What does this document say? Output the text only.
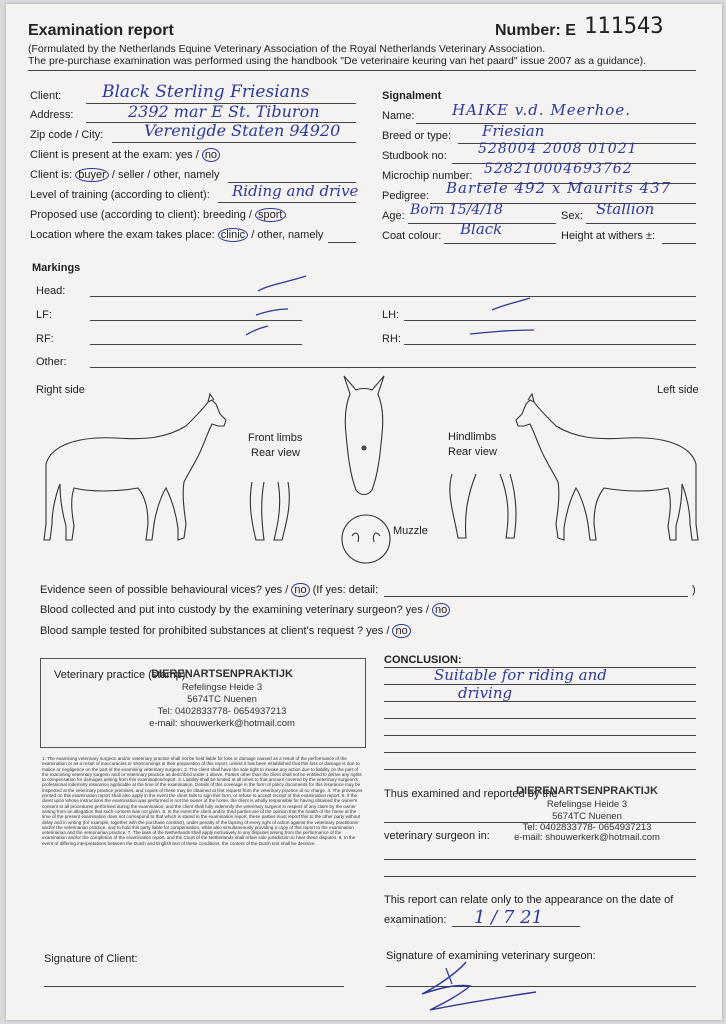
Examination report	Number: E 111543
(Formulated by the Netherlands Equine Veterinary Association of the Royal Netherlands Veterinary Association.
The pre-purchase examination was performed using the handbook "De veterinaire keuring van het paard" issue 2007 as a guidance).
Client: Black Sterling Friesians
Address:	2392 mar E St. Tiburon
Zip code / City:	Verenigde Staten 94920
Client is present at the exam: yes / no
Client is: buyer / seller / other, namely
Level of training (according to client): Riding and drive
Proposed use (according to client): breeding / sport
Location where the exam takes place: clinic / other, namely
Signalment
Name:	HAIKE v.d. Meerhoe.
Breed or type: Friesian
Studbook no: 528004 2008 01021
Microchip number: 528210004693762
Pedigree: Bartele 492 x Maurits 437
Age: Born 15/4/18	Sex: Stallion
Coat colour: Black	Height at withers ±:
Markings
Head:
LF:	LH:
RF:	RH:
Other:
Right side	Left side
Front limbs
Rear view
Hindlimbs
Rear view
Muzzle
Evidence seen of possible behavioural vices? yes / no (If yes: detail:	)
Blood collected and put into custody by the examining veterinary surgeon? yes / no
Blood sample tested for prohibited substances at client's request ? yes / no
Veterinary practice (stamp):
DIERENARTSENPRAKTIJK
Refelingse Heide 3
5674TC Nuenen
Tel: 0402833778- 0654937213
e-mail: shouwerkerk@hotmail.com
1. The examining veterinary surgeon and/or veterinary practice shall not be held liable for loss or damage caused as a result of the performance of the examination or as a result of inaccuracies or shortcomings in their preparation of this report, unless it has been established that this loss or damage is due to malice or negligence on the part of the examining veterinary surgeon. 2. The client shall have the sole right to invoke any action due to liability on the part of the examining veterinary surgeon and/ or veterinary practice as described under 1 above. Parties other than the client shall not be entitled to derive any rights to compensation for damages arising from this examination/report. 3. Liability shall be limited at all times to that amount covered by the veterinary surgeon's professional indemnity insurance applicable at the time of the examination. Details of this coverage in the form of policy documents for this insurance may be inspected at the veterinary practice premises, and copies of these may be obtained at first request from the veterinary practice at no charge. 4. The provisions printed on this examination report shall also apply in the event the client fails to sign this form, or refuse to accept receipt of this examination report. 5. If the client upon whose instructions the examination was performed is not the owner of the horse, the client is wholly responsible for having obtained the owner's consent to all procedures performed during the examination, and the client shall fully indemnify the veterinary surgeon in respect of any claim by the owner arising from an allegation that such consent was not given. 6. In the event the client and/or third parties are of the opinion that the health of the horse at the time of the present examination does not correspond to that which is stated in the examination report, these parties must report this to the other party without delay and in writing (for example, together with the purchase contract), under penalty of the lapsing of every right of action against the veterinary practitioner and/or the veterinarian practice, and to hold this party liable for compensation, while also simultaneously providing a copy of this report to the examination veterinarian and the veterinarian practice. 7. The laws of the Netherlands shall apply exclusively to any disputes arising from the performance of the examination and/or the completion of the examination report, and the Court of the Netherlands shall retain sole jurisdiction to hear these disputes. 8. In the event of differing interpretations between the Dutch and English text of these conditions, the content of the Dutch text shall be decisive.
CONCLUSION:
Suitable for riding and
driving
Thus examined and reported by the
DIERENARTSENPRAKTIJK
Refelingse Heide 3
5674TC Nuenen
Tel: 0402833778- 0654937213
veterinary surgeon in:	e-mail: shouwerkerk@hotmail.com
This report can relate only to the appearance on the date of
examination: 1 / 7 21
Signature of Client:	Signature of examining veterinary surgeon:
